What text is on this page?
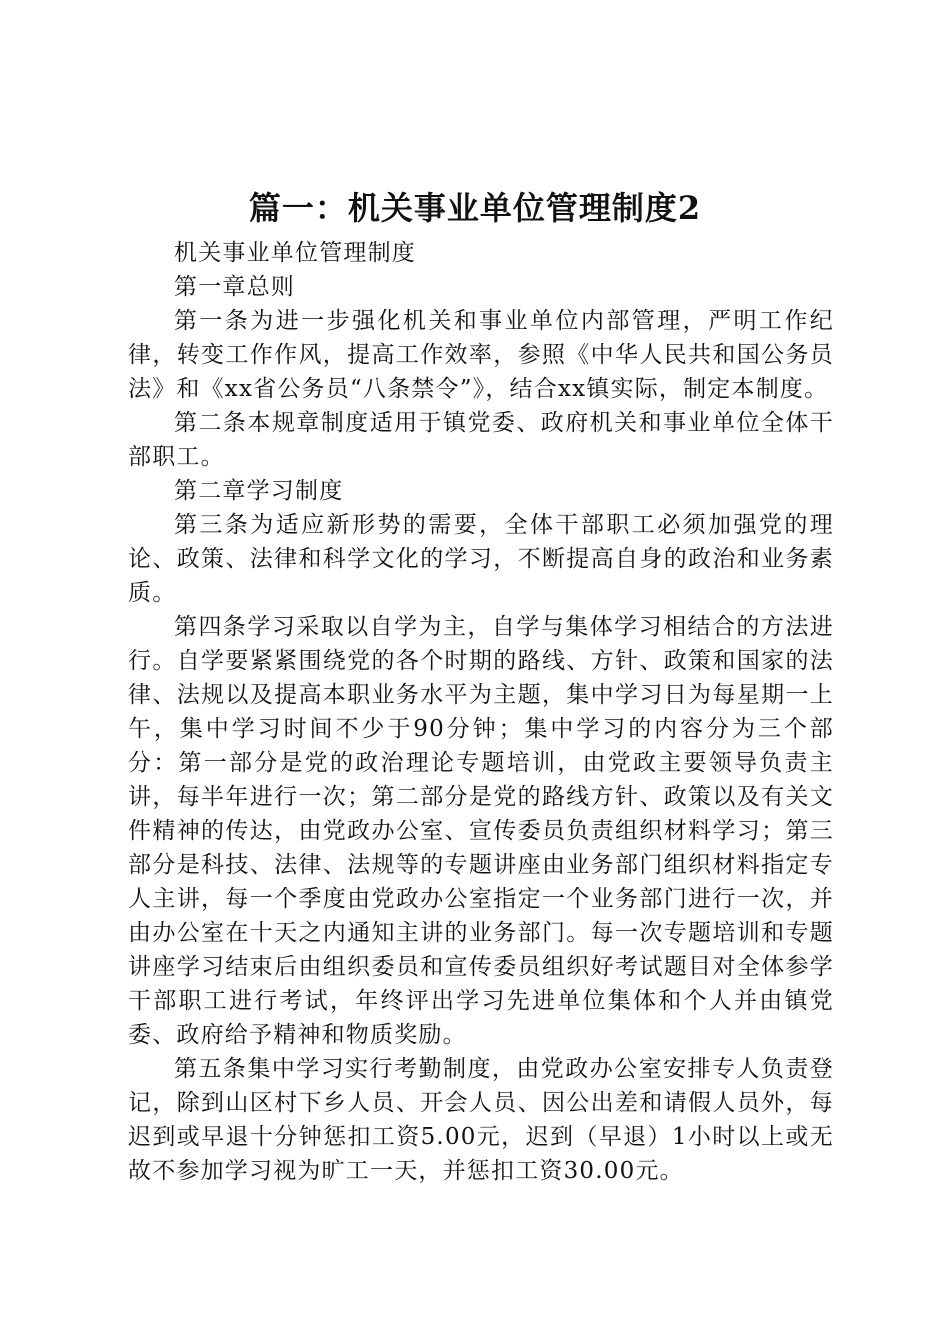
篇一：机关事业单位管理制度2

机关事业单位管理制度

第一章总则

第一条为进一步强化机关和事业单位内部管理，严明工作纪律，转变工作作风，提高工作效率，参照《中华人民共和国公务员法》和《xx省公务员“八条禁令”》，结合xx镇实际，制定本制度。

第二条本规章制度适用于镇党委、政府机关和事业单位全体干部职工。

第二章学习制度

第三条为适应新形势的需要，全体干部职工必须加强党的理论、政策、法律和科学文化的学习，不断提高自身的政治和业务素质。

第四条学习采取以自学为主，自学与集体学习相结合的方法进行。自学要紧紧围绕党的各个时期的路线、方针、政策和国家的法律、法规以及提高本职业务水平为主题，集中学习日为每星期一上午，集中学习时间不少于90分钟；集中学习的内容分为三个部分：第一部分是党的政治理论专题培训，由党政主要领导负责主讲，每半年进行一次；第二部分是党的路线方针、政策以及有关文件精神的传达，由党政办公室、宣传委员负责组织材料学习；第三部分是科技、法律、法规等的专题讲座由业务部门组织材料指定专人主讲，每一个季度由党政办公室指定一个业务部门进行一次，并由办公室在十天之内通知主讲的业务部门。每一次专题培训和专题讲座学习结束后由组织委员和宣传委员组织好考试题目对全体参学干部职工进行考试，年终评出学习先进单位集体和个人并由镇党委、政府给予精神和物质奖励。

第五条集中学习实行考勤制度，由党政办公室安排专人负责登记，除到山区村下乡人员、开会人员、因公出差和请假人员外，每迟到或早退十分钟惩扣工资5.00元，迟到（早退）1小时以上或无故不参加学习视为旷工一天，并惩扣工资30.00元。
